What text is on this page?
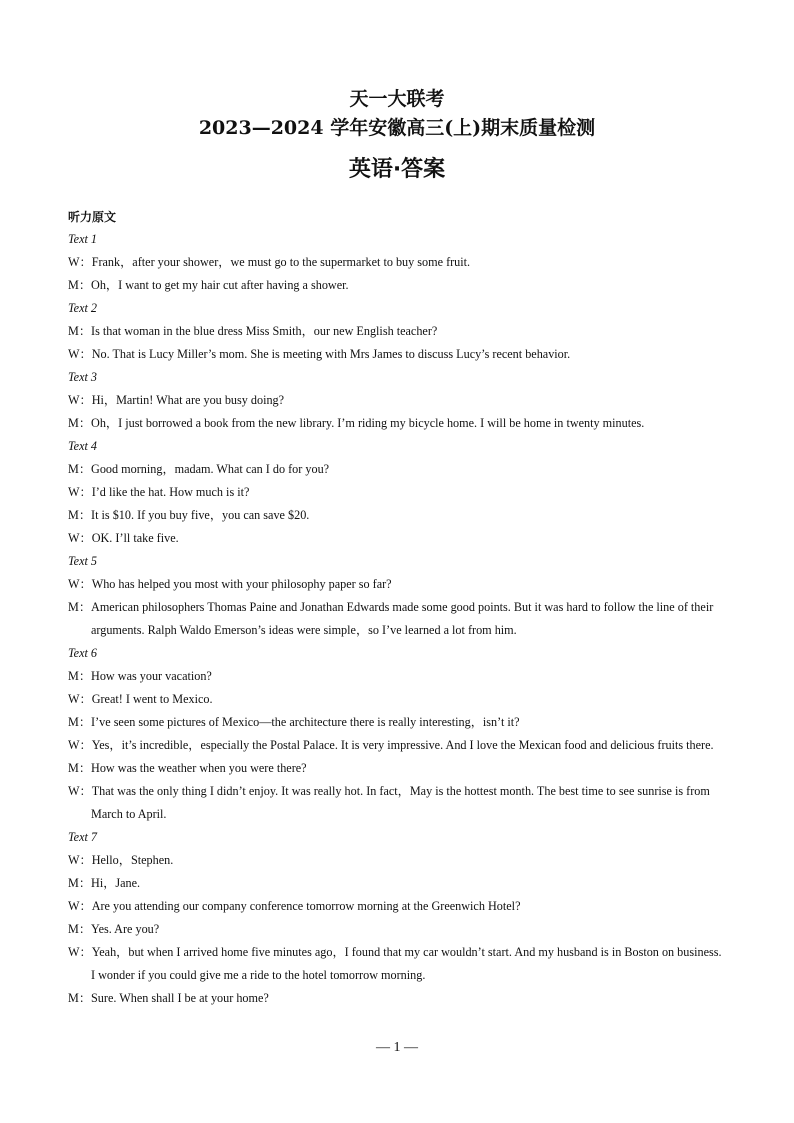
天一大联考
2023—2024 学年安徽高三(上)期末质量检测
英语·答案
听力原文
Text 1
W：Frank，after your shower，we must go to the supermarket to buy some fruit.
M：Oh，I want to get my hair cut after having a shower.
Text 2
M：Is that woman in the blue dress Miss Smith，our new English teacher?
W：No. That is Lucy Miller’s mom. She is meeting with Mrs James to discuss Lucy’s recent behavior.
Text 3
W：Hi，Martin! What are you busy doing?
M：Oh，I just borrowed a book from the new library. I’m riding my bicycle home. I will be home in twenty minutes.
Text 4
M：Good morning，madam. What can I do for you?
W：I’d like the hat. How much is it?
M：It is $10. If you buy five，you can save $20.
W：OK. I’ll take five.
Text 5
W：Who has helped you most with your philosophy paper so far?
M：American philosophers Thomas Paine and Jonathan Edwards made some good points. But it was hard to follow the line of their arguments. Ralph Waldo Emerson’s ideas were simple，so I’ve learned a lot from him.
Text 6
M：How was your vacation?
W：Great! I went to Mexico.
M：I’ve seen some pictures of Mexico—the architecture there is really interesting，isn’t it?
W：Yes，it’s incredible，especially the Postal Palace. It is very impressive. And I love the Mexican food and delicious fruits there.
M：How was the weather when you were there?
W：That was the only thing I didn’t enjoy. It was really hot. In fact，May is the hottest month. The best time to see sunrise is from March to April.
Text 7
W：Hello，Stephen.
M：Hi，Jane.
W：Are you attending our company conference tomorrow morning at the Greenwich Hotel?
M：Yes. Are you?
W：Yeah，but when I arrived home five minutes ago，I found that my car wouldn’t start. And my husband is in Boston on business. I wonder if you could give me a ride to the hotel tomorrow morning.
M：Sure. When shall I be at your home?
— 1 —
